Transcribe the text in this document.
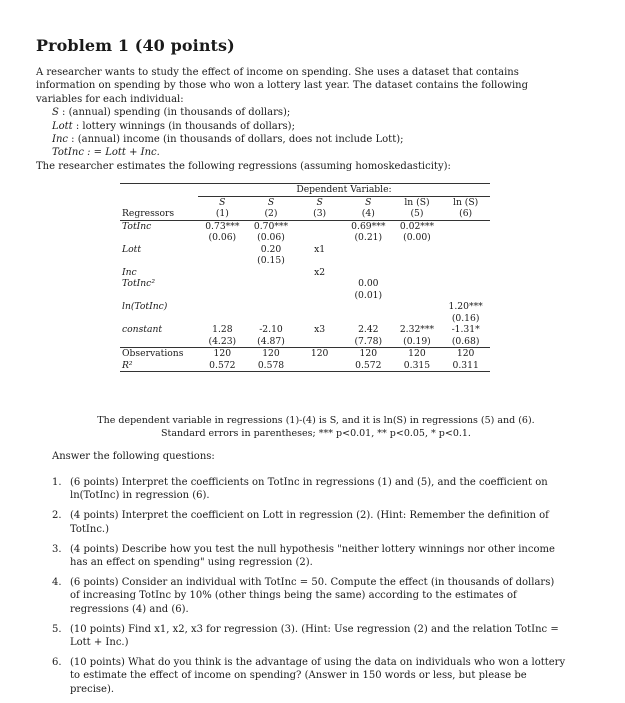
Problem 1 (40 points)

A researcher wants to study the effect of income on spending. She uses a dataset that contains information on spending by those who won a lottery last year. The dataset contains the following variables for each individual:

S : (annual) spending (in thousands of dollars);
Lott : lottery winnings (in thousands of dollars);
Inc : (annual) income (in thousands of dollars, does not include Lott);
TotInc : = Lott + Inc.

The researcher estimates the following regressions (assuming homoskedasticity):

	Dependent Variable:					
	S	S	S	S	ln (S)	ln (S)
Regressors	(1)	(2)	(3)	(4)	(5)	(6)
TotInc	0.73***	0.70***		0.69***	0.02***	
	(0.06)	(0.06)		(0.21)	(0.00)	
Lott		0.20	x1			
		(0.15)				
Inc			x2			
TotInc²				0.00		
				(0.01)		
ln(TotInc)						1.20***
						(0.16)
constant	1.28	-2.10	x3	2.42	2.32***	-1.31*
	(4.23)	(4.87)		(7.78)	(0.19)	(0.68)
Observations	120	120	120	120	120	120
R²	0.572	0.578		0.572	0.315	0.311
The dependent variable in regressions (1)-(4) is S, and it is ln(S) in regressions (5) and (6).
Standard errors in parentheses; *** p<0.01, ** p<0.05, * p<0.1.
Answer the following questions:
1. (6 points) Interpret the coefficients on TotInc in regressions (1) and (5), and the coefficient on ln(TotInc) in regression (6).
2. (4 points) Interpret the coefficient on Lott in regression (2). (Hint: Remember the definition of TotInc.)
3. (4 points) Describe how you test the null hypothesis "neither lottery winnings nor other income has an effect on spending" using regression (2).
4. (6 points) Consider an individual with TotInc = 50. Compute the effect (in thousands of dollars) of increasing TotInc by 10% (other things being the same) according to the estimates of regressions (4) and (6).
5. (10 points) Find x1, x2, x3 for regression (3). (Hint: Use regression (2) and the relation TotInc = Lott + Inc.)
6. (10 points) What do you think is the advantage of using the data on individuals who won a lottery to estimate the effect of income on spending? (Answer in 150 words or less, but please be precise).
